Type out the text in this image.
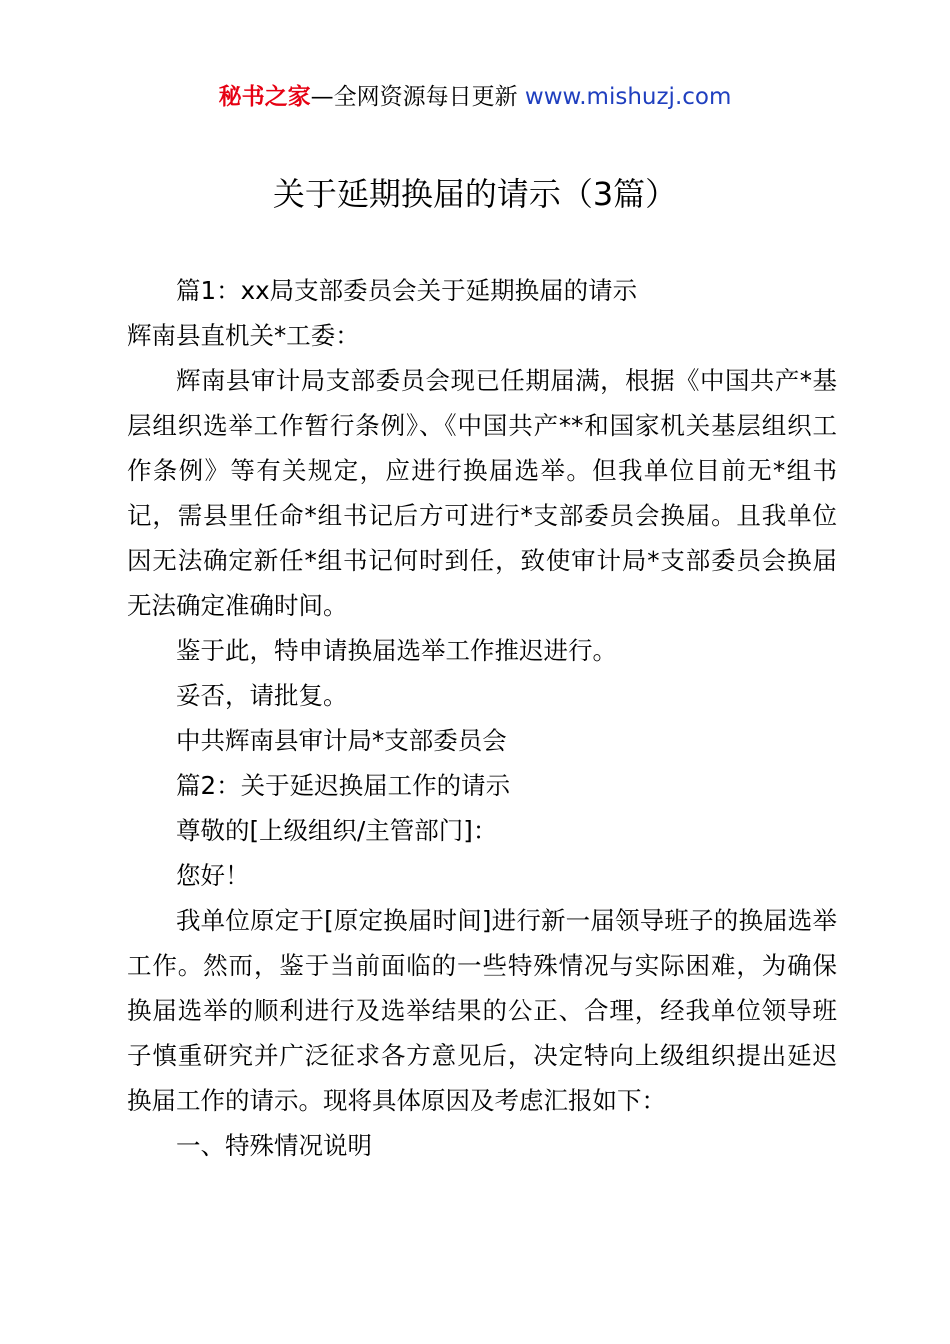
秘书之家—全网资源每日更新 www.mishuzj.com
关于延期换届的请示（3篇）

篇1：xx局支部委员会关于延期换届的请示

辉南县直机关*工委：

辉南县审计局支部委员会现已任期届满，根据《中国共产*基层组织选举工作暂行条例》、《中国共产**和国家机关基层组织工作条例》等有关规定，应进行换届选举。但我单位目前无*组书记，需县里任命*组书记后方可进行*支部委员会换届。且我单位因无法确定新任*组书记何时到任，致使审计局*支部委员会换届无法确定准确时间。

鉴于此，特申请换届选举工作推迟进行。

妥否，请批复。

中共辉南县审计局*支部委员会

篇2：关于延迟换届工作的请示

尊敬的[上级组织/主管部门]：

您好！

我单位原定于[原定换届时间]进行新一届领导班子的换届选举工作。然而，鉴于当前面临的一些特殊情况与实际困难，为确保换届选举的顺利进行及选举结果的公正、合理，经我单位领导班子慎重研究并广泛征求各方意见后，决定特向上级组织提出延迟换届工作的请示。现将具体原因及考虑汇报如下：

一、特殊情况说明
